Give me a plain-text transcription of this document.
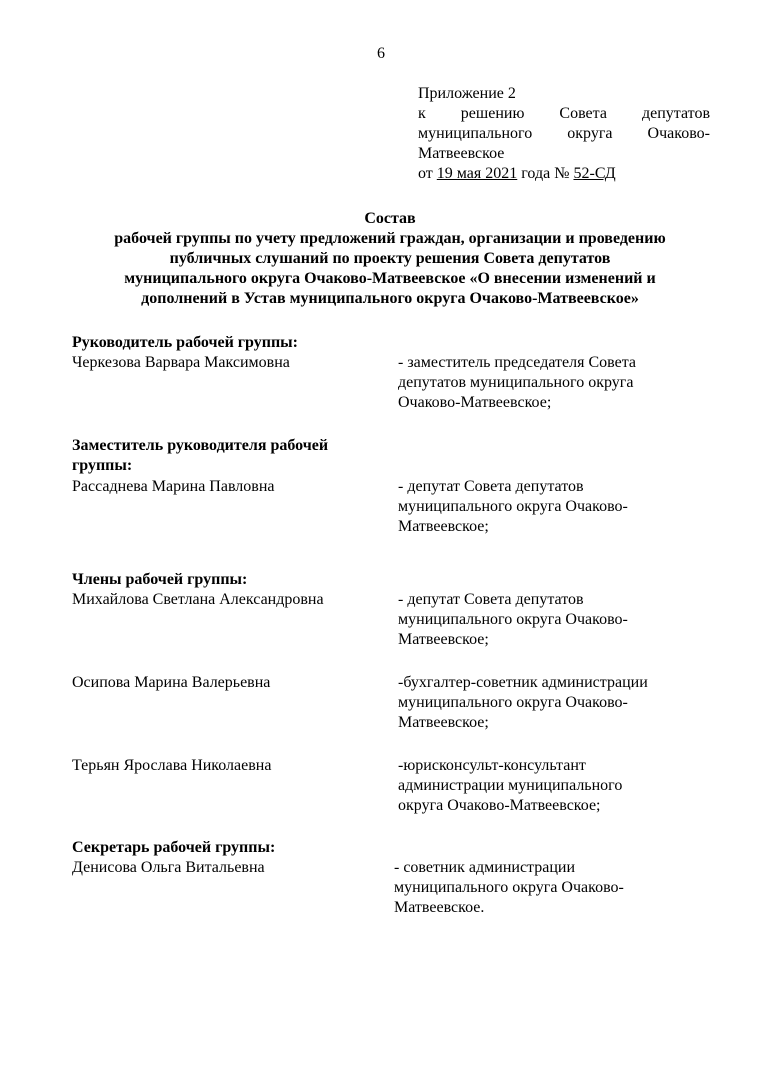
6
Приложение 2
к решению Совета депутатов
муниципального округа Очаково-
Матвеевское
от 19 мая 2021 года № 52-СД
Состав
рабочей группы по учету предложений граждан, организации и проведению
публичных слушаний по проекту решения Совета депутатов
муниципального округа Очаково-Матвеевское «О внесении изменений и
дополнений в Устав муниципального округа Очаково-Матвеевское»
Руководитель рабочей группы:
Черкезова Варвара Максимовна	- заместитель председателя Совета
депутатов муниципального округа
Очаково-Матвеевское;
Заместитель руководителя рабочей
группы:
Рассаднева Марина Павловна	- депутат Совета депутатов
муниципального округа Очаково-
Матвеевское;
Члены рабочей группы:
Михайлова Светлана Александровна	- депутат Совета депутатов
муниципального округа Очаково-
Матвеевское;
Осипова Марина Валерьевна	-бухгалтер-советник администрации
муниципального округа Очаково-
Матвеевское;
Терьян Ярослава Николаевна	-юрисконсульт-консультант
администрации муниципального
округа Очаково-Матвеевское;
Секретарь рабочей группы:
Денисова Ольга Витальевна	- советник администрации
муниципального округа Очаково-
Матвеевское.
